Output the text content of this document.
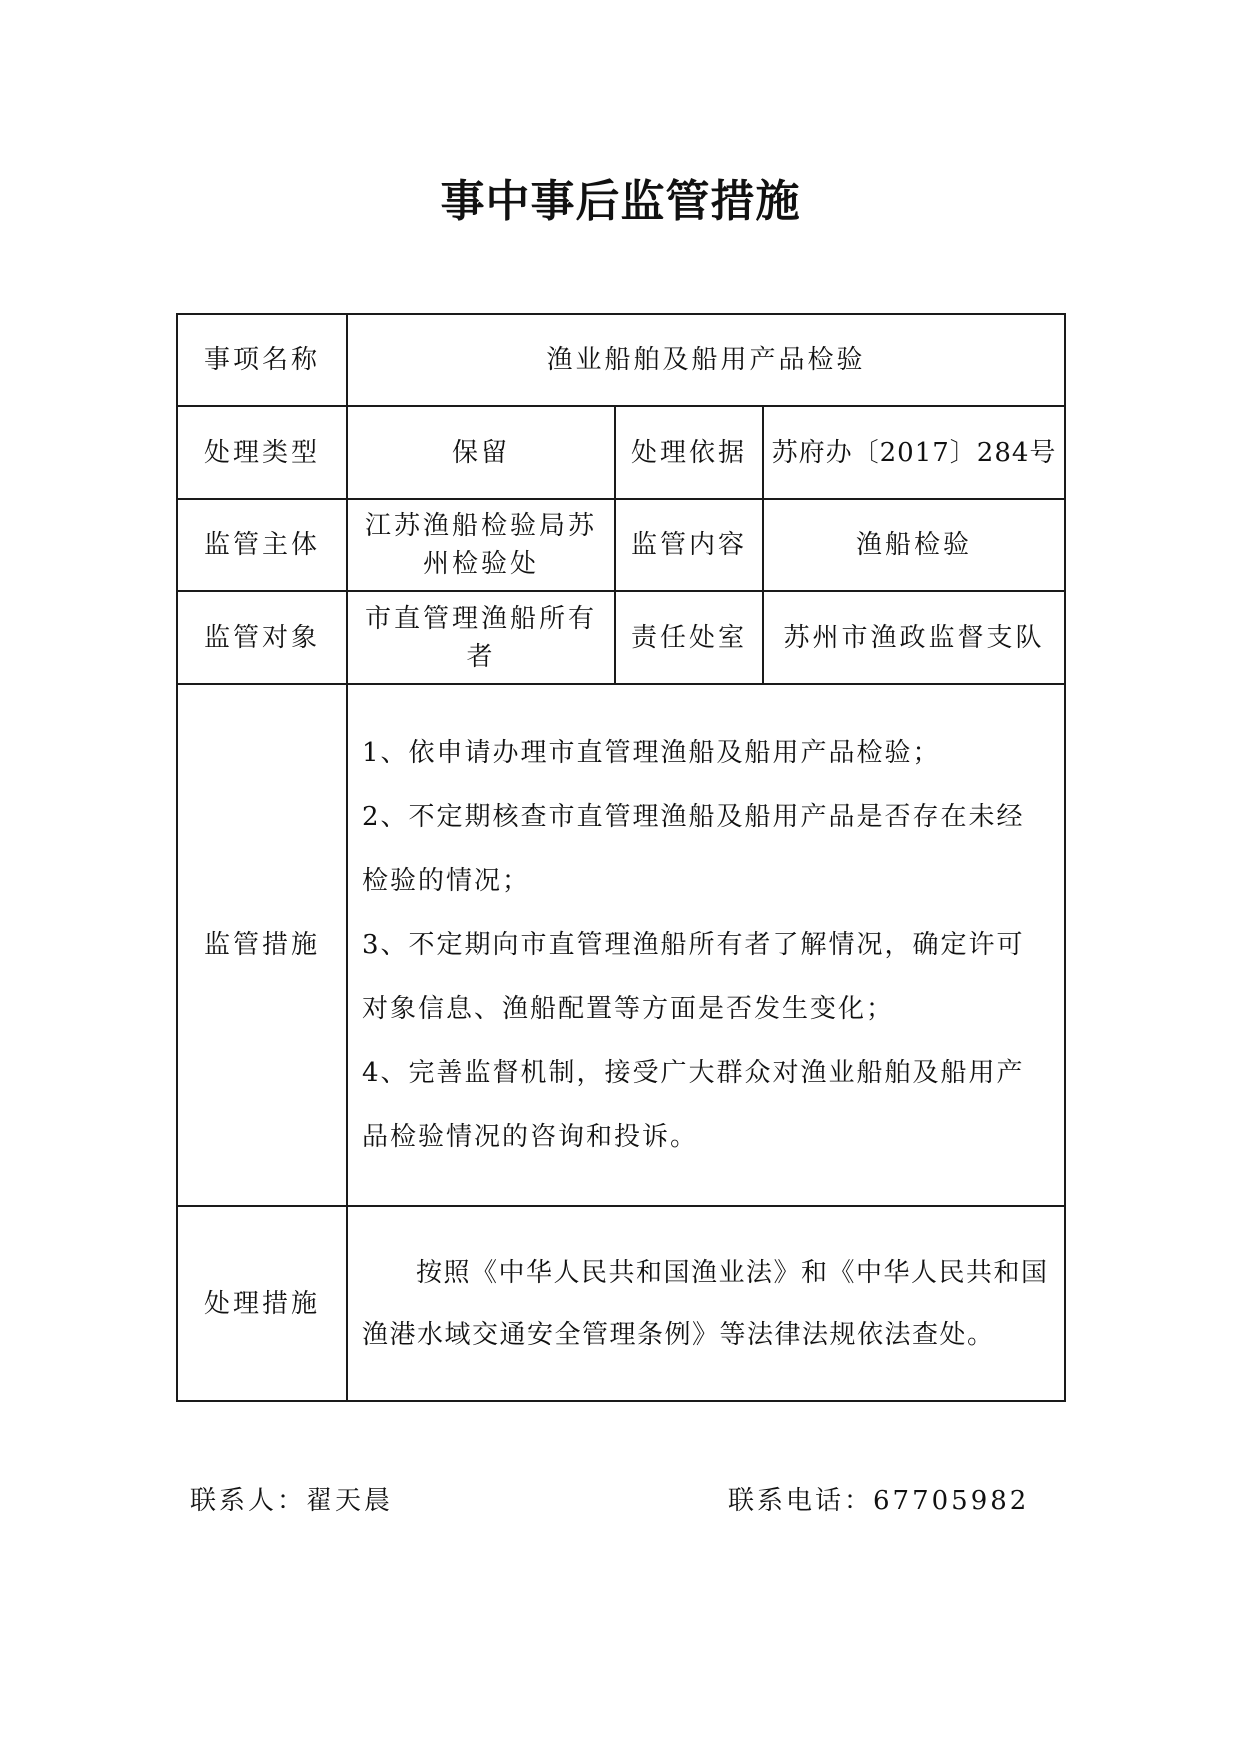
事中事后监管措施
事项名称	渔业船舶及船用产品检验		
处理类型	保留	处理依据	苏府办〔2017〕284号
监管主体	江苏渔船检验局苏州检验处	监管内容	渔船检验
监管对象	市直管理渔船所有者	责任处室	苏州市渔政监督支队
监管措施	1、依申请办理市直管理渔船及船用产品检验；
2、不定期核查市直管理渔船及船用产品是否存在未经检验的情况；
3、不定期向市直管理渔船所有者了解情况，确定许可对象信息、渔船配置等方面是否发生变化；
4、完善监督机制，接受广大群众对渔业船舶及船用产品检验情况的咨询和投诉。		

处理措施	按照《中华人民共和国渔业法》和《中华人民共和国渔港水域交通安全管理条例》等法律法规依法查处。		
联系人：翟天晨	联系电话：67705982
